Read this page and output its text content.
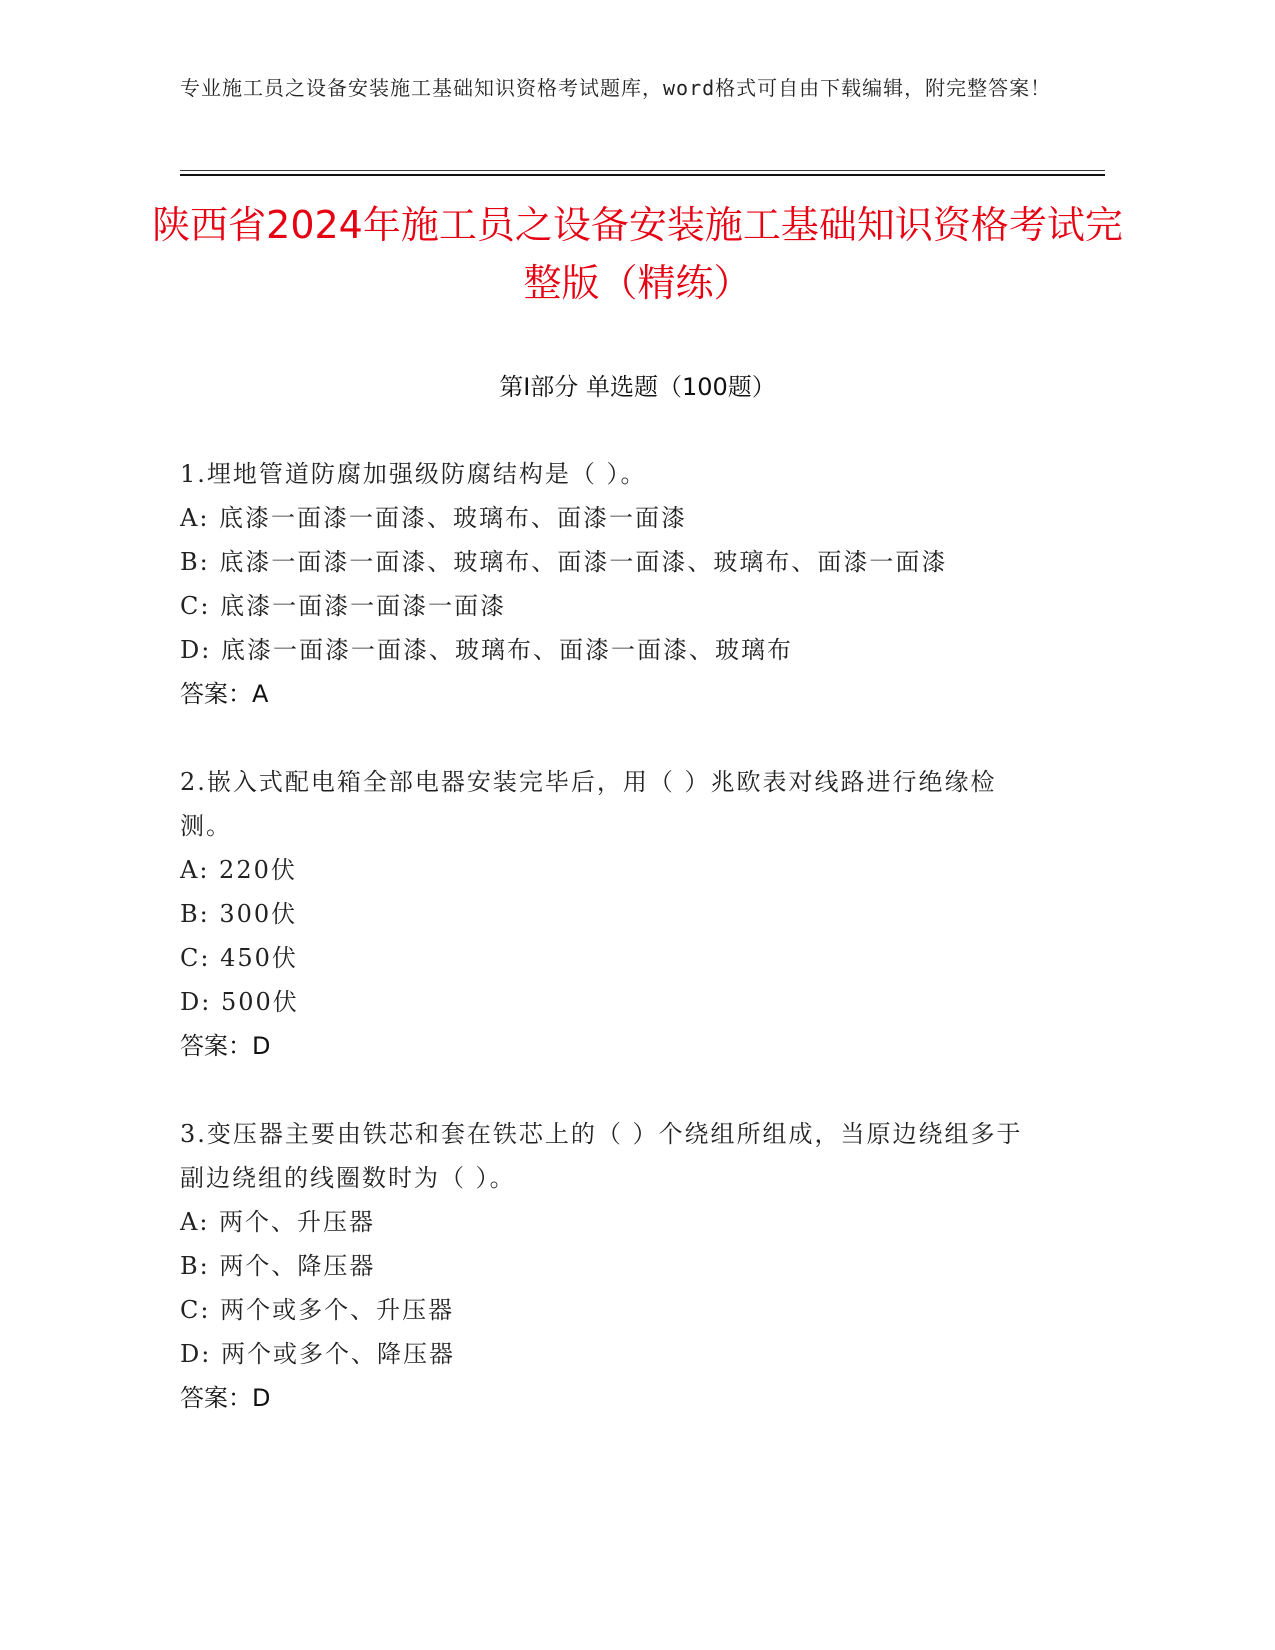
专业施工员之设备安装施工基础知识资格考试题库，word格式可自由下载编辑，附完整答案！
陕西省2024年施工员之设备安装施工基础知识资格考试完整版（精练）
第Ⅰ部分 单选题（100题）

1.埋地管道防腐加强级防腐结构是（ ）。

A: 底漆一面漆一面漆、玻璃布、面漆一面漆

B: 底漆一面漆一面漆、玻璃布、面漆一面漆、玻璃布、面漆一面漆

C: 底漆一面漆一面漆一面漆

D: 底漆一面漆一面漆、玻璃布、面漆一面漆、玻璃布

答案：A

2.嵌入式配电箱全部电器安装完毕后，用（ ）兆欧表对线路进行绝缘检测。

A: 220伏

B: 300伏

C: 450伏

D: 500伏

答案：D

3.变压器主要由铁芯和套在铁芯上的（ ）个绕组所组成，当原边绕组多于副边绕组的线圈数时为（ ）。

A: 两个、升压器

B: 两个、降压器

C: 两个或多个、升压器

D: 两个或多个、降压器

答案：D
